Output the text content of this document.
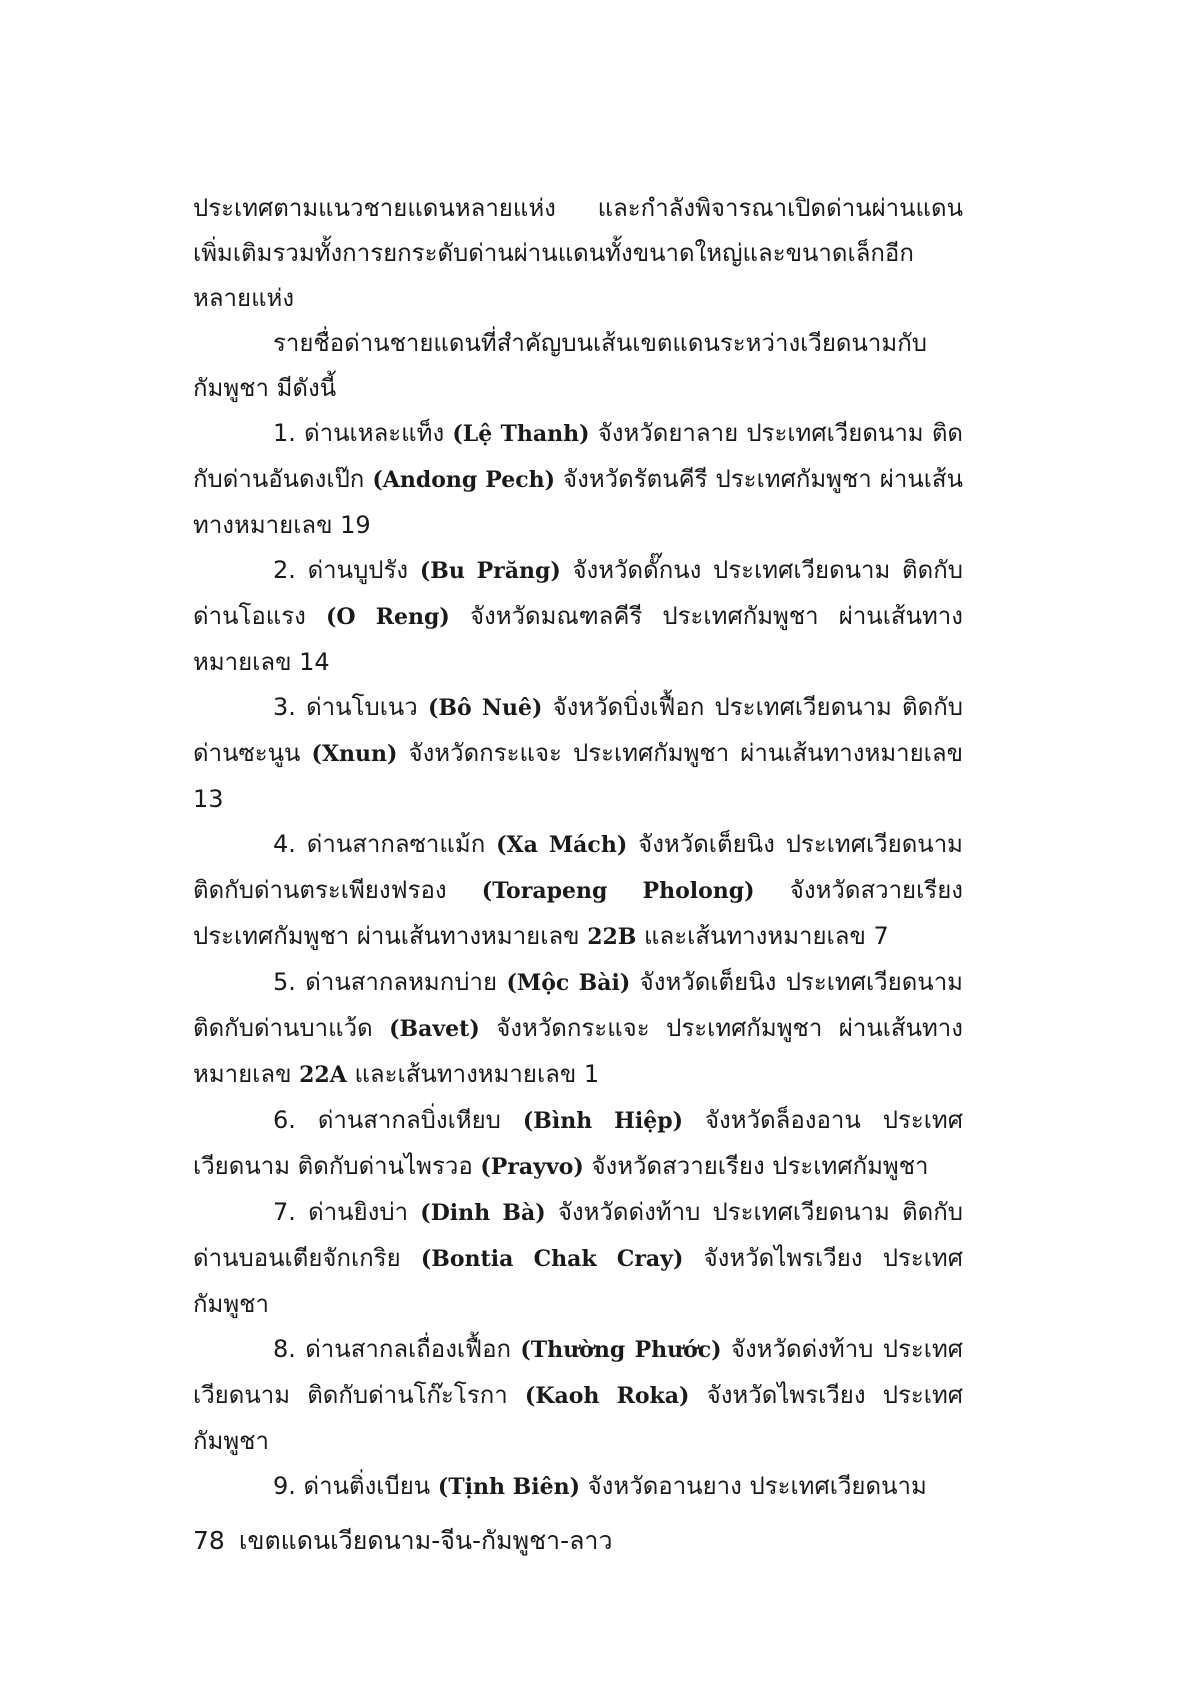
ประเทศตามแนวชายแดนหลายแห่ง และกำลังพิจารณาเปิดด่านผ่านแดนเพิ่มเติมรวมทั้งการยกระดับด่านผ่านแดนทั้งขนาดใหญ่และขนาดเล็กอีกหลายแห่ง

รายชื่อด่านชายแดนที่สำคัญบนเส้นเขตแดนระหว่างเวียดนามกับกัมพูชา มีดังนี้

1. ด่านเหละแท็ง (Lệ Thanh) จังหวัดยาลาย ประเทศเวียดนาม ติดกับด่านอันดงเป๊ก (Andong Pech) จังหวัดรัตนคีรี ประเทศกัมพูชา ผ่านเส้นทางหมายเลข 19

2. ด่านบูปรัง (Bu Prăng) จังหวัดดั๊กนง ประเทศเวียดนาม ติดกับด่านโอแรง (O Reng) จังหวัดมณฑลคีรี ประเทศกัมพูชา ผ่านเส้นทางหมายเลข 14

3. ด่านโบเนว (Bô Nuê) จังหวัดบิ่งเฟื้อก ประเทศเวียดนาม ติดกับด่านซะนูน (Xnun) จังหวัดกระแจะ ประเทศกัมพูชา ผ่านเส้นทางหมายเลข 13

4. ด่านสากลซาแม้ก (Xa Mách) จังหวัดเต็ยนิง ประเทศเวียดนาม ติดกับด่านตระเพียงฟรอง (Torapeng Pholong) จังหวัดสวายเรียง ประเทศกัมพูชา ผ่านเส้นทางหมายเลข 22B และเส้นทางหมายเลข 7

5. ด่านสากลหมกบ่าย (Mộc Bài) จังหวัดเต็ยนิง ประเทศเวียดนาม ติดกับด่านบาแว้ด (Bavet) จังหวัดกระแจะ ประเทศกัมพูชา ผ่านเส้นทางหมายเลข 22A และเส้นทางหมายเลข 1

6. ด่านสากลบิ่งเหียบ (Bình Hiệp) จังหวัดล็องอาน ประเทศเวียดนาม ติดกับด่านไพรวอ (Prayvo) จังหวัดสวายเรียง ประเทศกัมพูชา

7. ด่านยิงบ่า (Dinh Bà) จังหวัดด่งท้าบ ประเทศเวียดนาม ติดกับด่านบอนเตียจักเกริย (Bontia Chak Cray) จังหวัดไพรเวียง ประเทศกัมพูชา

8. ด่านสากลเถื่องเฟื้อก (Thường Phước) จังหวัดด่งท้าบ ประเทศเวียดนาม ติดกับด่านโก๊ะโรกา (Kaoh Roka) จังหวัดไพรเวียง ประเทศกัมพูชา

9. ด่านติ่งเบียน (Tịnh Biên) จังหวัดอานยาง ประเทศเวียดนาม

78 เขตแดนเวียดนาม-จีน-กัมพูชา-ลาว
